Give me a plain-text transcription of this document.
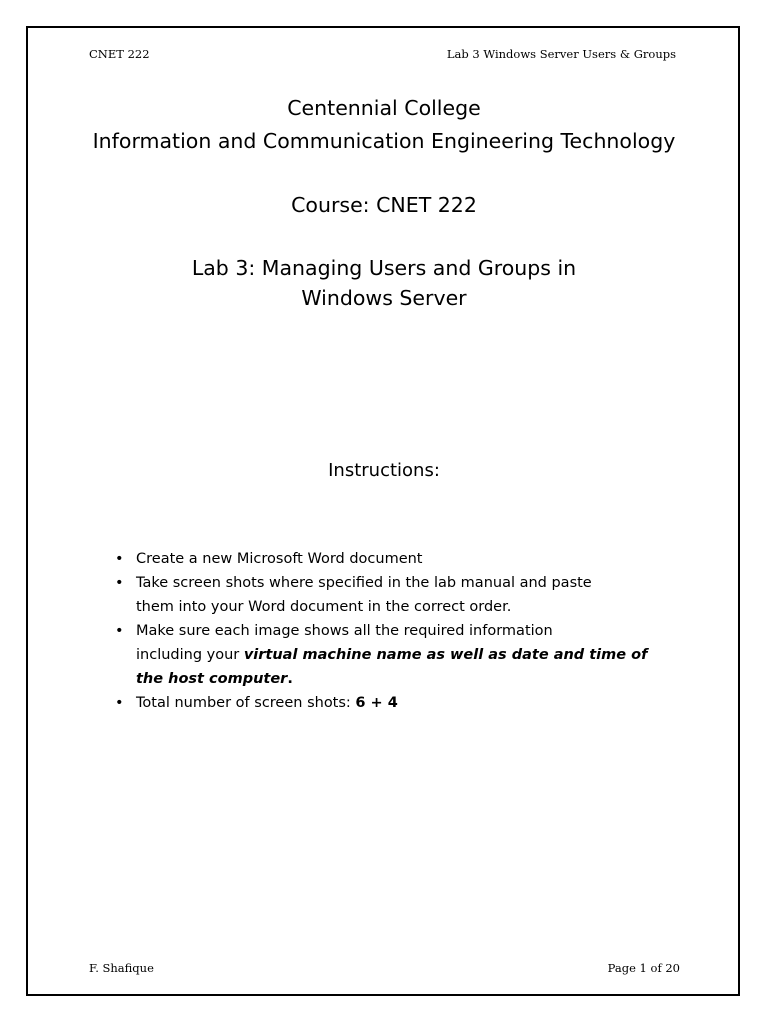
CNET 222	Lab 3 Windows Server Users & Groups
Centennial College
Information and Communication Engineering Technology
Course: CNET 222
Lab 3: Managing Users and Groups in
Windows Server
Instructions:
• Create a new Microsoft Word document
• Take screen shots where specified in the lab manual and paste
them into your Word document in the correct order.
• Make sure each image shows all the required information
including your virtual machine name as well as date and time of
the host computer.
• Total number of screen shots: 6 + 4
F. Shafique	Page 1 of 20
